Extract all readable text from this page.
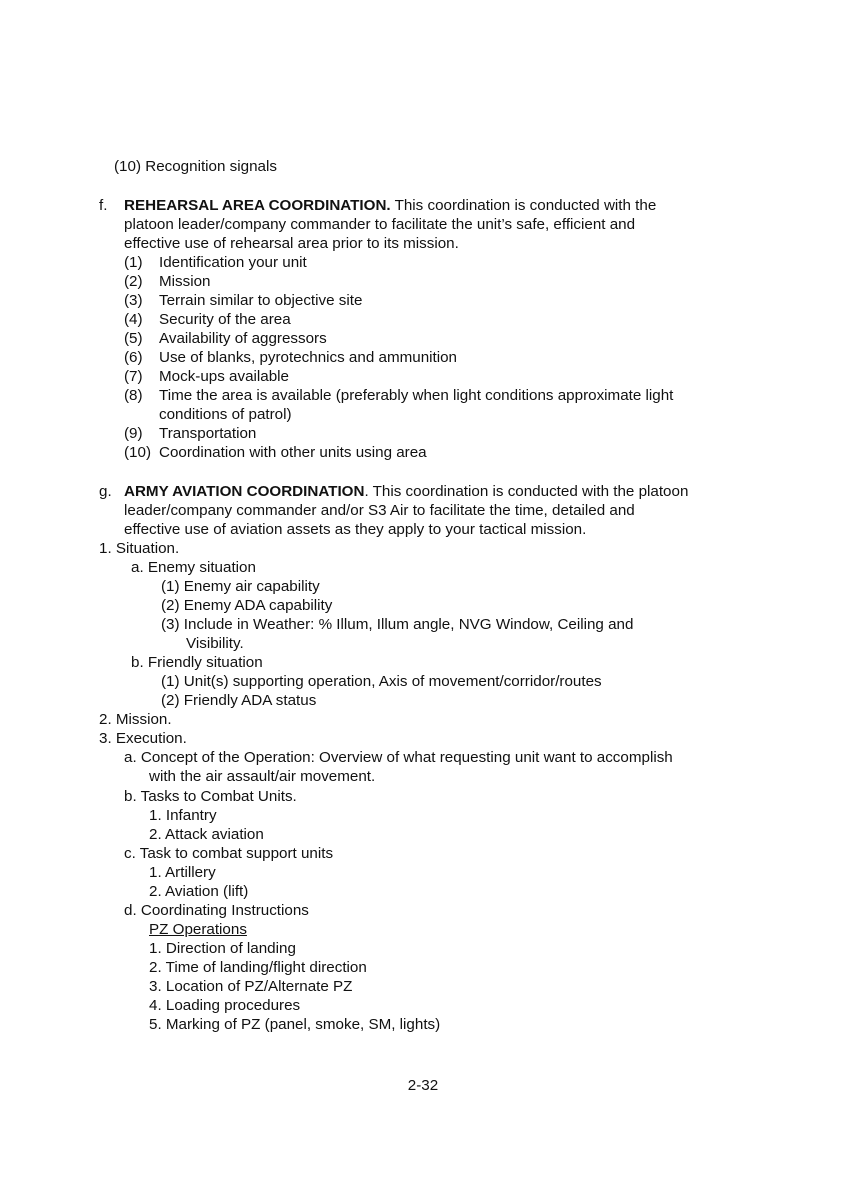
(10) Recognition signals
f. REHEARSAL AREA COORDINATION. This coordination is conducted with the
platoon leader/company commander to facilitate the unit’s safe, efficient and
effective use of rehearsal area prior to its mission.
(1) Identification your unit
(2) Mission
(3) Terrain similar to objective site
(4) Security of the area
(5) Availability of aggressors
(6) Use of blanks, pyrotechnics and ammunition
(7) Mock-ups available
(8) Time the area is available (preferably when light conditions approximate light
conditions of patrol)
(9) Transportation
(10) Coordination with other units using area
g. ARMY AVIATION COORDINATION. This coordination is conducted with the platoon
leader/company commander and/or S3 Air to facilitate the time, detailed and
effective use of aviation assets as they apply to your tactical mission.
1. Situation.
a. Enemy situation
(1) Enemy air capability
(2) Enemy ADA capability
(3) Include in Weather: % Illum, Illum angle, NVG Window, Ceiling and
Visibility.
b. Friendly situation
(1) Unit(s) supporting operation, Axis of movement/corridor/routes
(2) Friendly ADA status
2. Mission.
3. Execution.
a. Concept of the Operation: Overview of what requesting unit want to accomplish
with the air assault/air movement.
b. Tasks to Combat Units.
1. Infantry
2. Attack aviation
c. Task to combat support units
1. Artillery
2. Aviation (lift)
d. Coordinating Instructions
PZ Operations
1. Direction of landing
2. Time of landing/flight direction
3. Location of PZ/Alternate PZ
4. Loading procedures
5. Marking of PZ (panel, smoke, SM, lights)
2-32
